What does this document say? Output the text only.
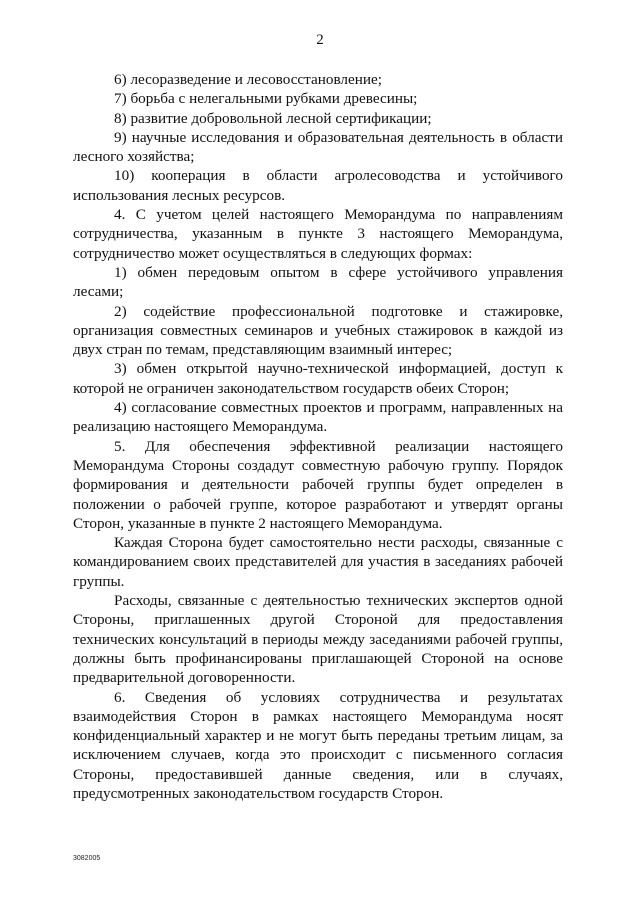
2

6) лесоразведение и лесовосстановление;

7) борьба с нелегальными рубками древесины;

8) развитие добровольной лесной сертификации;

9) научные исследования и образовательная деятельность в области лесного хозяйства;

10) кооперация в области агролесоводства и устойчивого использования лесных ресурсов.

4. С учетом целей настоящего Меморандума по направлениям сотрудничества, указанным в пункте 3 настоящего Меморандума, сотрудничество может осуществляться в следующих формах:

1) обмен передовым опытом в сфере устойчивого управления лесами;

2) содействие профессиональной подготовке и стажировке, организация совместных семинаров и учебных стажировок в каждой из двух стран по темам, представляющим взаимный интерес;

3) обмен открытой научно-технической информацией, доступ к которой не ограничен законодательством государств обеих Сторон;

4) согласование совместных проектов и программ, направленных на реализацию настоящего Меморандума.

5. Для обеспечения эффективной реализации настоящего Меморандума Стороны создадут совместную рабочую группу. Порядок формирования и деятельности рабочей группы будет определен в положении о рабочей группе, которое разработают и утвердят органы Сторон, указанные в пункте 2 настоящего Меморандума.

Каждая Сторона будет самостоятельно нести расходы, связанные с командированием своих представителей для участия в заседаниях рабочей группы.

Расходы, связанные с деятельностью технических экспертов одной Стороны, приглашенных другой Стороной для предоставления технических консультаций в периоды между заседаниями рабочей группы, должны быть профинансированы приглашающей Стороной на основе предварительной договоренности.

6. Сведения об условиях сотрудничества и результатах взаимодействия Сторон в рамках настоящего Меморандума носят конфиденциальный характер и не могут быть переданы третьим лицам, за исключением случаев, когда это происходит с письменного согласия Стороны, предоставившей данные сведения, или в случаях, предусмотренных законодательством государств Сторон.

3082005
